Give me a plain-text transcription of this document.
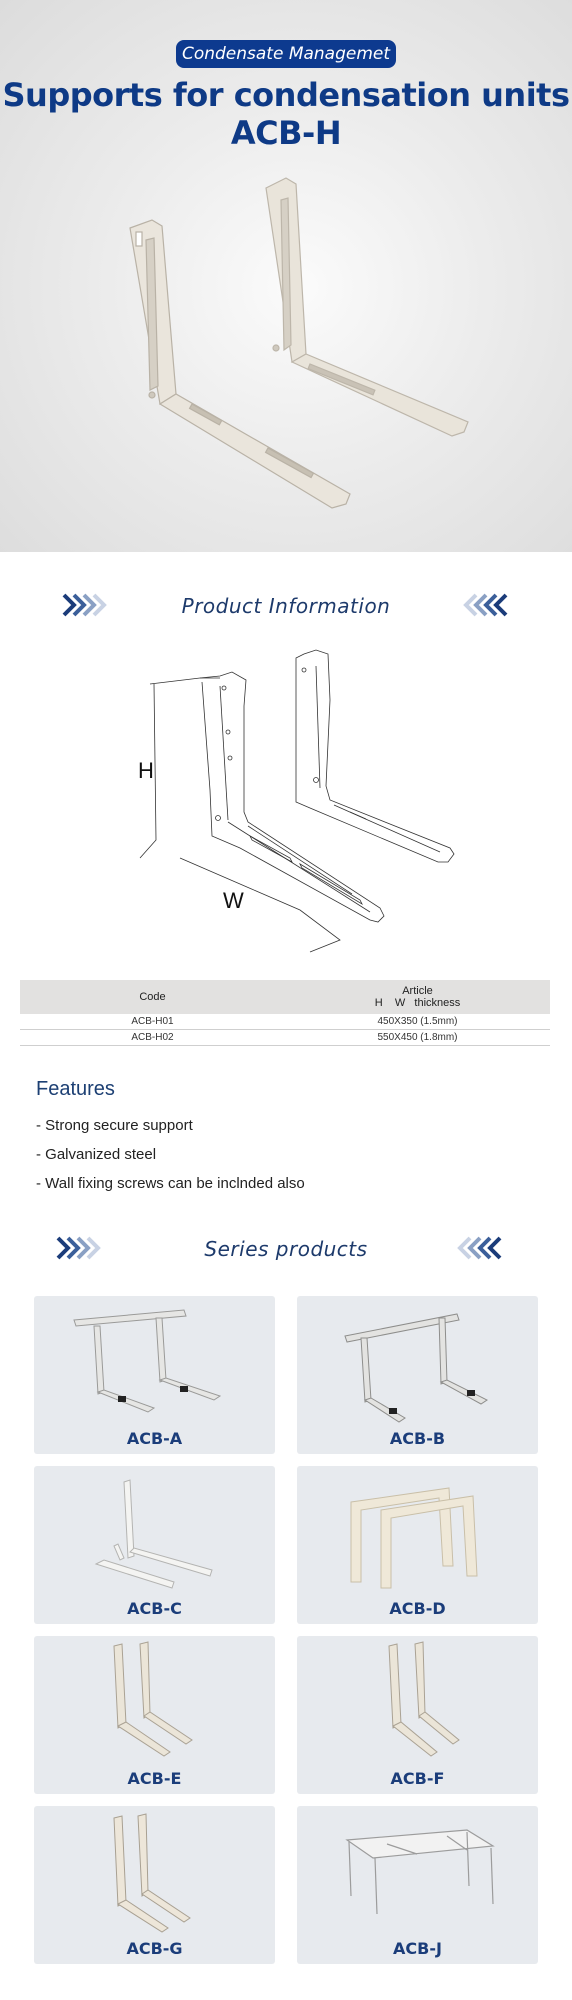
Condensate Managemet
Supports for condensation units
ACB-H
Product Information
H
W
Code	Article
H    W   thickness

ACB-H01	450X350 (1.5mm)
ACB-H02	550X450 (1.8mm)
Features
- Strong secure support
- Galvanized steel
- Wall fixing screws can be inclnded also
Series products
ACB-A	ACB-B
ACB-C	ACB-D
ACB-E	ACB-F
ACB-G	ACB-J
